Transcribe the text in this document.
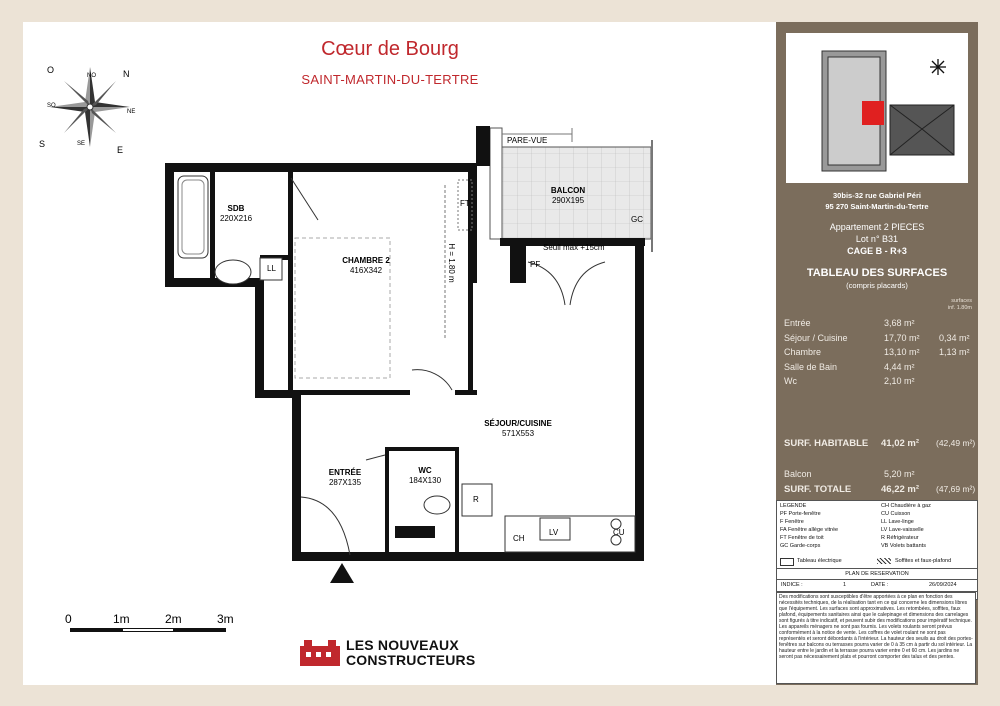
Cœur de Bourg
SAINT-MARTIN-DU-TERTRE
O
NO	N
NE
E
SE
S
SO
SDB
220X216
CHAMBRE 2
416X342
BALCON
290X195
SÉJOUR/CUISINE
571X553
ENTRÉE
287X135
WC
184X130
PARE-VUE
FT
GC
LL
Seuil max +15cm
PF
H = 1.80 m
R
CH
LV	CU
0	1m	2m	3m
LES NOUVEAUX
CONSTRUCTEURS
30bis-32 rue Gabriel Péri
95 270 Saint-Martin-du-Tertre
Appartement 2 PIECES
Lot n° B31
CAGE B - R+3
TABLEAU DES SURFACES
(compris placards)
surfaces
inf. 1.80m
Entrée	3,68 m²
Séjour / Cuisine	17,70 m² 0,34 m²
Chambre	13,10 m² 1,13 m²
Salle de Bain	4,44 m²
Wc	2,10 m²
SURF. HABITABLE 41,02 m² (42,49 m²)
Balcon	5,20 m²
SURF. TOTALE	46,22 m² (47,69 m²)
LEGENDE
PF Porte-fenêtre
F Fenêtre
FA Fenêtre allège vitrée
FT Fenêtre de toit
GC Garde-corps
CH Chaudière à gaz
CU Cuisson
LL Lave-linge
LV Lave-vaisselle
R Réfrigérateur
VB Volets battants
Tableau électrique	Soffites et faux-plafond
PLAN DE RESERVATION
INDICE :	1	DATE :	26/09/2024
Des modifications sont susceptibles d'être apportées à ce plan en fonction des nécessités techniques, de la réalisation tant en ce qui concerne les dimensions libres que l'équipement. Les surfaces sont approximatives. Les retombées, soffites, faux plafond, équipements sanitaires ainsi que le calepinage et dimensions des carrelages sont figurés à titre indicatif, et peuvent subir des modifications pour impératif technique. Les appareils ménagers ne sont pas fournis. Les volets roulants seront prévus conformément à la notice de vente. Les coffres de volet roulant ne sont pas représentés et seront débordants à l'intérieur. La hauteur des seuils au droit des portes-fenêtres sur balcons ou terrasses pourra varier de 0 à 35 cm à partir du sol intérieur. La hauteur entre le jardin et la terrasse pourra varier entre 0 et 60 cm. Les jardins ne seront pas nécessairement plats et pourront comporter des talus et des pentes.
